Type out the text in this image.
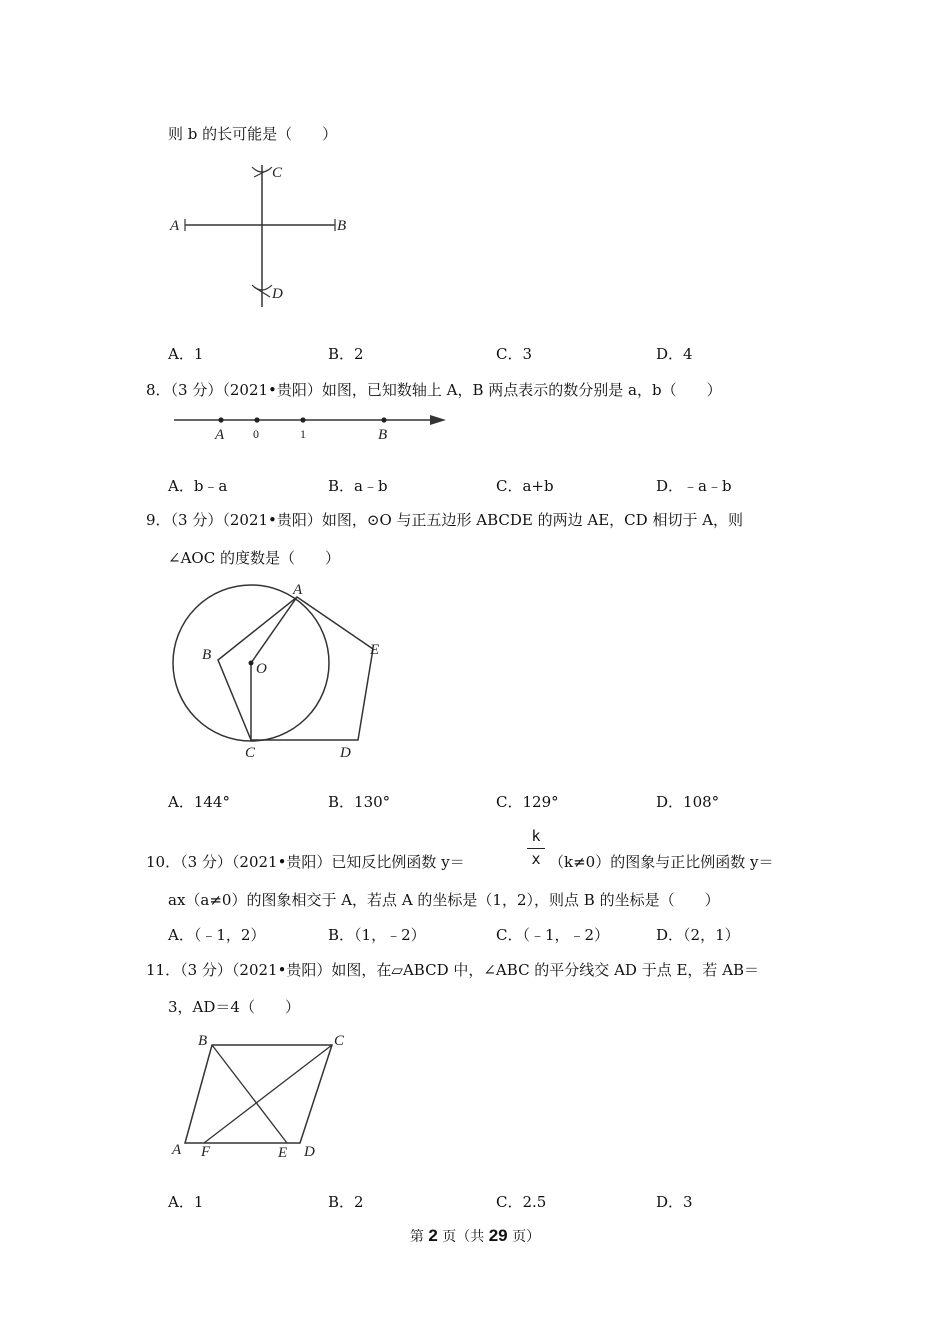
则 b 的长可能是（　　）
A	B
C
D
A．1	B．2	C．3	D．4
8．（3 分）（2021•贵阳）如图，已知数轴上 A，B 两点表示的数分别是 a，b（　　）
A 0	1	B
A．b﹣a	B．a﹣b	C．a+b	D．﹣a﹣b
9．（3 分）（2021•贵阳）如图，⊙O 与正五边形 ABCDE 的两边 AE，CD 相切于 A，则
∠AOC 的度数是（　　）
A
B
C	D
E
O
A．144°	B．130°	C．129°	D．108°
10．（3 分）（2021•贵阳）已知反比例函数 y＝
k
x （k≠0）的图象与正比例函数 y＝
ax（a≠0）的图象相交于 A，若点 A 的坐标是（1，2），则点 B 的坐标是（　　）
A．（﹣1，2）	B．（1，﹣2）	C．（﹣1，﹣2）	D．（2，1）
11．（3 分）（2021•贵阳）如图，在▱ABCD 中，∠ABC 的平分线交 AD 于点 E，若 AB＝
3，AD＝4（　　）
A
B	C
D
E
F
A．1	B．2	C．2.5	D．3
第 2 页（共 29 页）
